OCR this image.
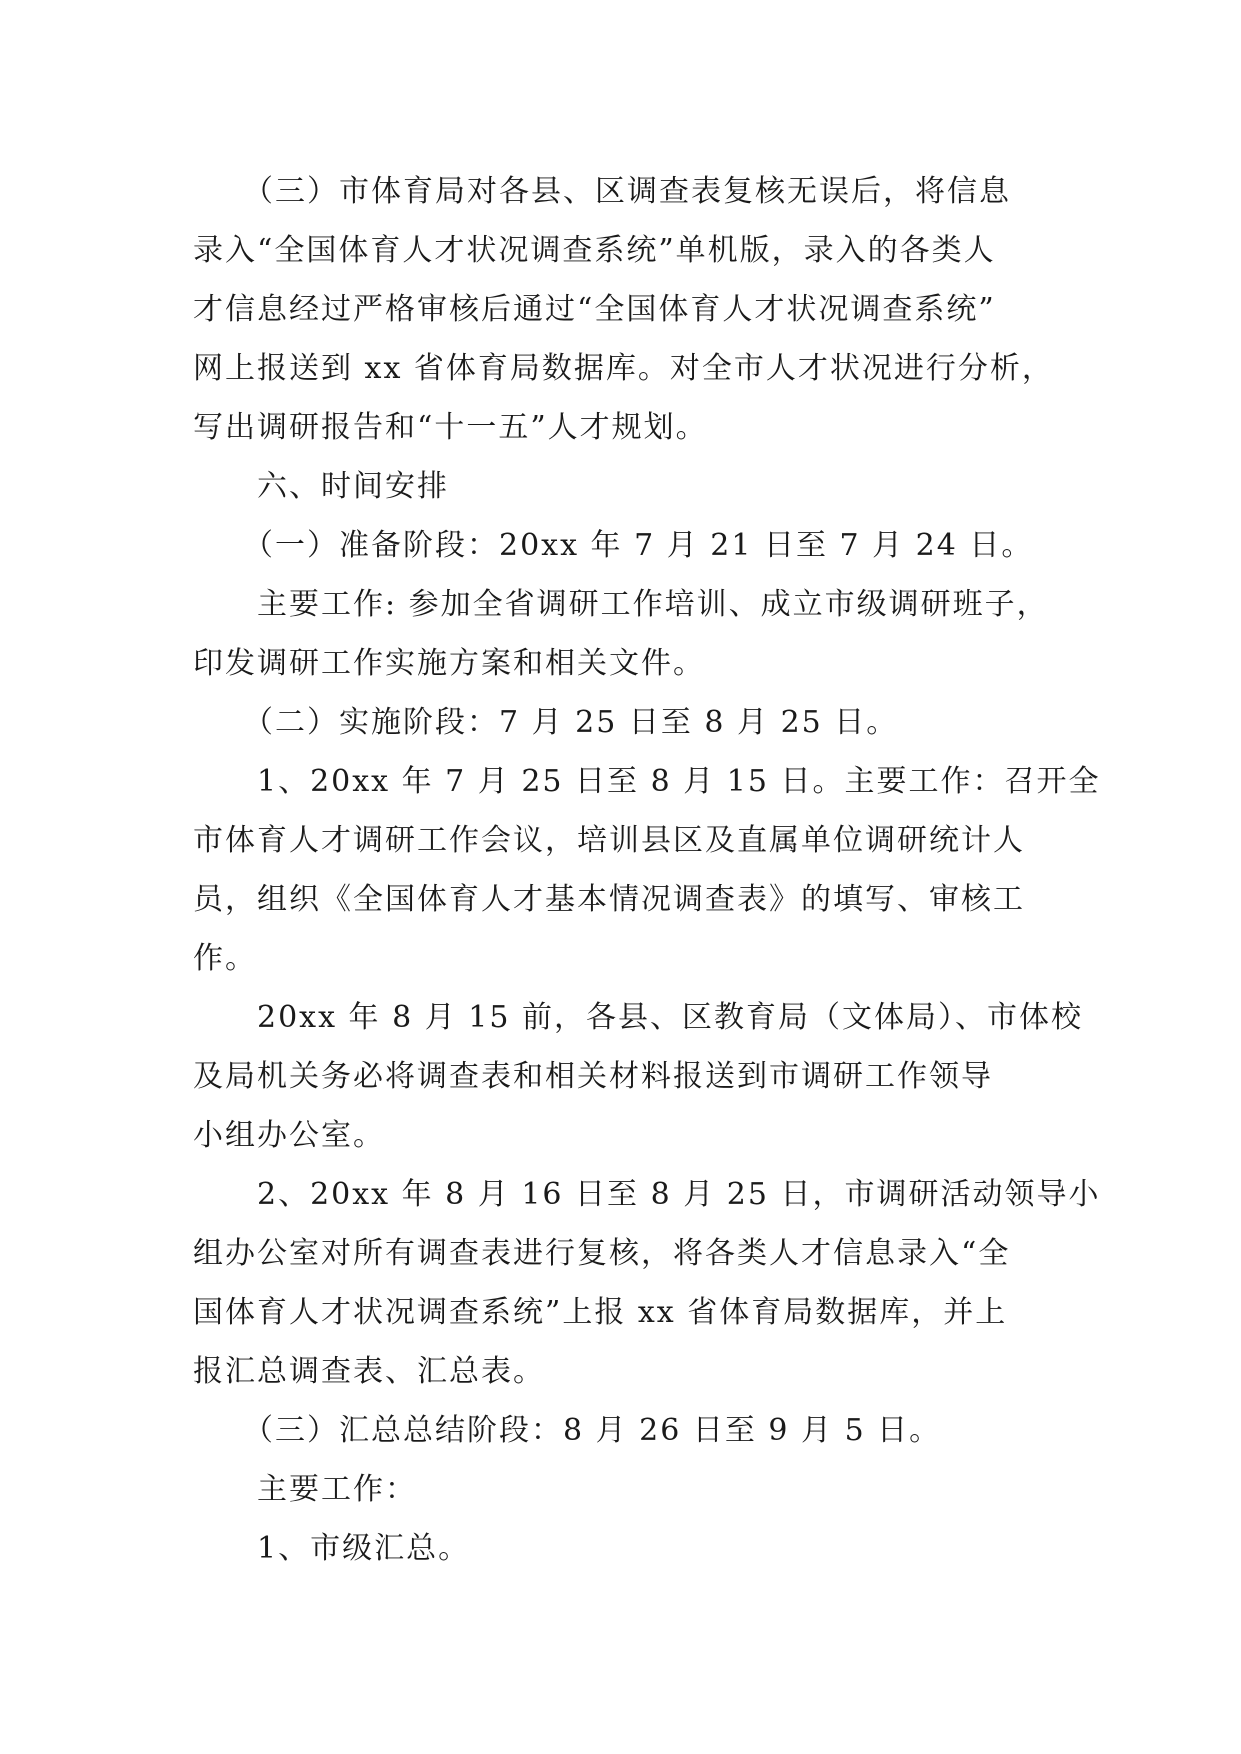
（三）市体育局对各县、区调查表复核无误后，将信息
录入“全国体育人才状况调查系统”单机版，录入的各类人
才信息经过严格审核后通过“全国体育人才状况调查系统”
网上报送到 xx 省体育局数据库。对全市人才状况进行分析，
写出调研报告和“十一五”人才规划。
六、时间安排
（一）准备阶段：20xx 年 7 月 21 日至 7 月 24 日。
主要工作: 参加全省调研工作培训、成立市级调研班子，
印发调研工作实施方案和相关文件。
（二）实施阶段：7 月 25 日至 8 月 25 日。
1、20xx 年 7 月 25 日至 8 月 15 日。主要工作：召开全
市体育人才调研工作会议，培训县区及直属单位调研统计人
员，组织《全国体育人才基本情况调查表》的填写、审核工
作。
20xx 年 8 月 15 前，各县、区教育局（文体局）、市体校
及局机关务必将调查表和相关材料报送到市调研工作领导
小组办公室。
2、20xx 年 8 月 16 日至 8 月 25 日，市调研活动领导小
组办公室对所有调查表进行复核，将各类人才信息录入“全
国体育人才状况调查系统”上报 xx 省体育局数据库，并上
报汇总调查表、汇总表。
（三）汇总总结阶段：8 月 26 日至 9 月 5 日。
主要工作：
1、市级汇总。
